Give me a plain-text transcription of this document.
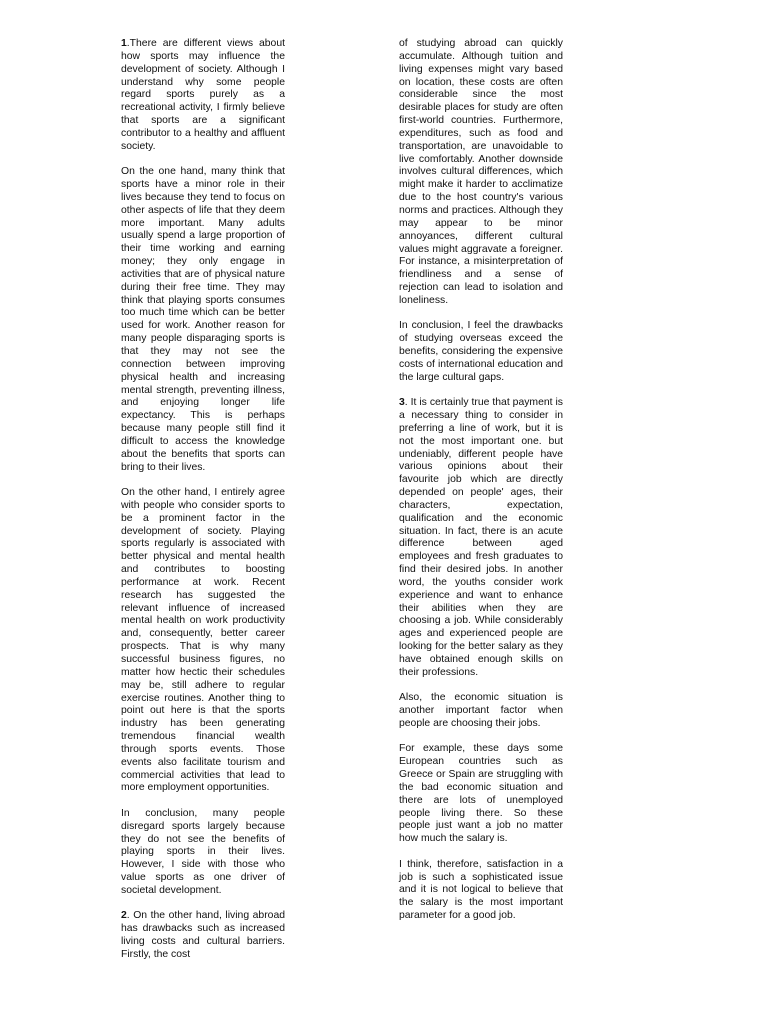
1.There are different views about how sports may influence the development of society. Although I understand why some people regard sports purely as a recreational activity, I firmly believe that sports are a significant contributor to a healthy and affluent society.

On the one hand, many think that sports have a minor role in their lives because they tend to focus on other aspects of life that they deem more important. Many adults usually spend a large proportion of their time working and earning money; they only engage in activities that are of physical nature during their free time. They may think that playing sports consumes too much time which can be better used for work. Another reason for many people disparaging sports is that they may not see the connection between improving physical health and increasing mental strength, preventing illness, and enjoying longer life expectancy. This is perhaps because many people still find it difficult to access the knowledge about the benefits that sports can bring to their lives.

On the other hand, I entirely agree with people who consider sports to be a prominent factor in the development of society. Playing sports regularly is associated with better physical and mental health and contributes to boosting performance at work. Recent research has suggested the relevant influence of increased mental health on work productivity and, consequently, better career prospects. That is why many successful business figures, no matter how hectic their schedules may be, still adhere to regular exercise routines. Another thing to point out here is that the sports industry has been generating tremendous financial wealth through sports events. Those events also facilitate tourism and commercial activities that lead to more employment opportunities.

In conclusion, many people disregard sports largely because they do not see the benefits of playing sports in their lives. However, I side with those who value sports as one driver of societal development.

2. On the other hand, living abroad has drawbacks such as increased living costs and cultural barriers. Firstly, the cost

of studying abroad can quickly accumulate. Although tuition and living expenses might vary based on location, these costs are often considerable since the most desirable places for study are often first-world countries. Furthermore, expenditures, such as food and transportation, are unavoidable to live comfortably. Another downside involves cultural differences, which might make it harder to acclimatize due to the host country's various norms and practices. Although they may appear to be minor annoyances, different cultural values might aggravate a foreigner. For instance, a misinterpretation of friendliness and a sense of rejection can lead to isolation and loneliness.

In conclusion, I feel the drawbacks of studying overseas exceed the benefits, considering the expensive costs of international education and the large cultural gaps.

3. It is certainly true that payment is a necessary thing to consider in preferring a line of work, but it is not the most important one. but undeniably, different people have various opinions about their favourite job which are directly depended on people' ages, their characters, expectation, qualification and the economic situation. In fact, there is an acute difference between aged employees and fresh graduates to find their desired jobs. In another word, the youths consider work experience and want to enhance their abilities when they are choosing a job. While considerably ages and experienced people are looking for the better salary as they have obtained enough skills on their professions.

Also, the economic situation is another important factor when people are choosing their jobs.

For example, these days some European countries such as Greece or Spain are struggling with the bad economic situation and there are lots of unemployed people living there. So these people just want a job no matter how much the salary is.

I think, therefore, satisfaction in a job is such a sophisticated issue and it is not logical to believe that the salary is the most important parameter for a good job.
